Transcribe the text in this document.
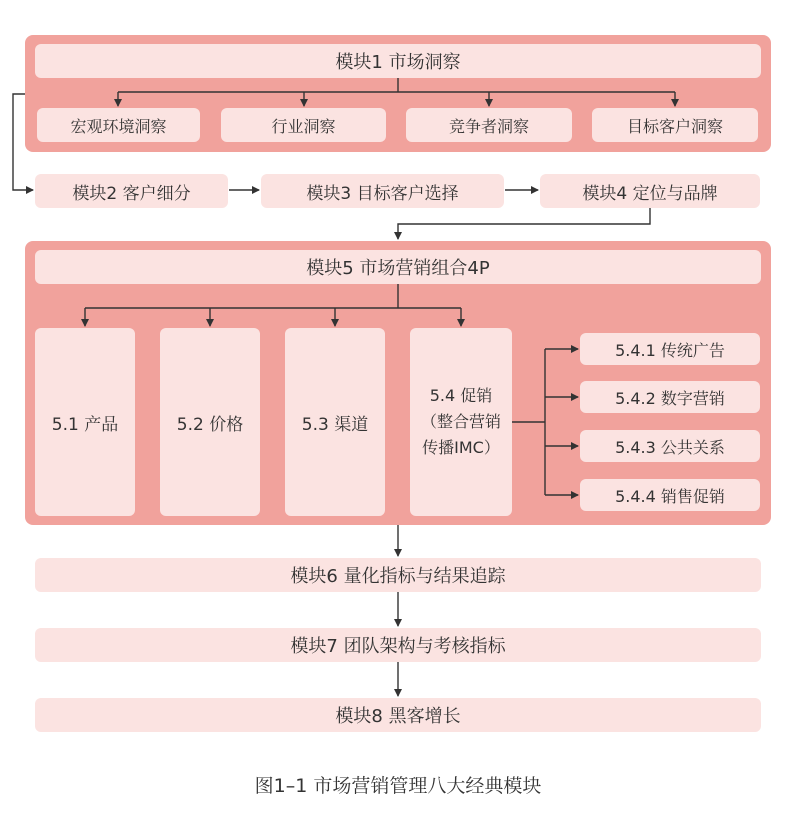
模块1 市场洞察
宏观环境洞察	行业洞察	竞争者洞察	目标客户洞察
模块2 客户细分	模块3 目标客户选择	模块4 定位与品牌
模块5 市场营销组合4P
5.1 产品	5.2 价格	5.3 渠道
5.4 促销
（整合营销
传播IMC）
5.4.1 传统广告
5.4.2 数字营销
5.4.3 公共关系
5.4.4 销售促销
模块6 量化指标与结果追踪
模块7 团队架构与考核指标
模块8 黑客增长
图1–1 市场营销管理八大经典模块
